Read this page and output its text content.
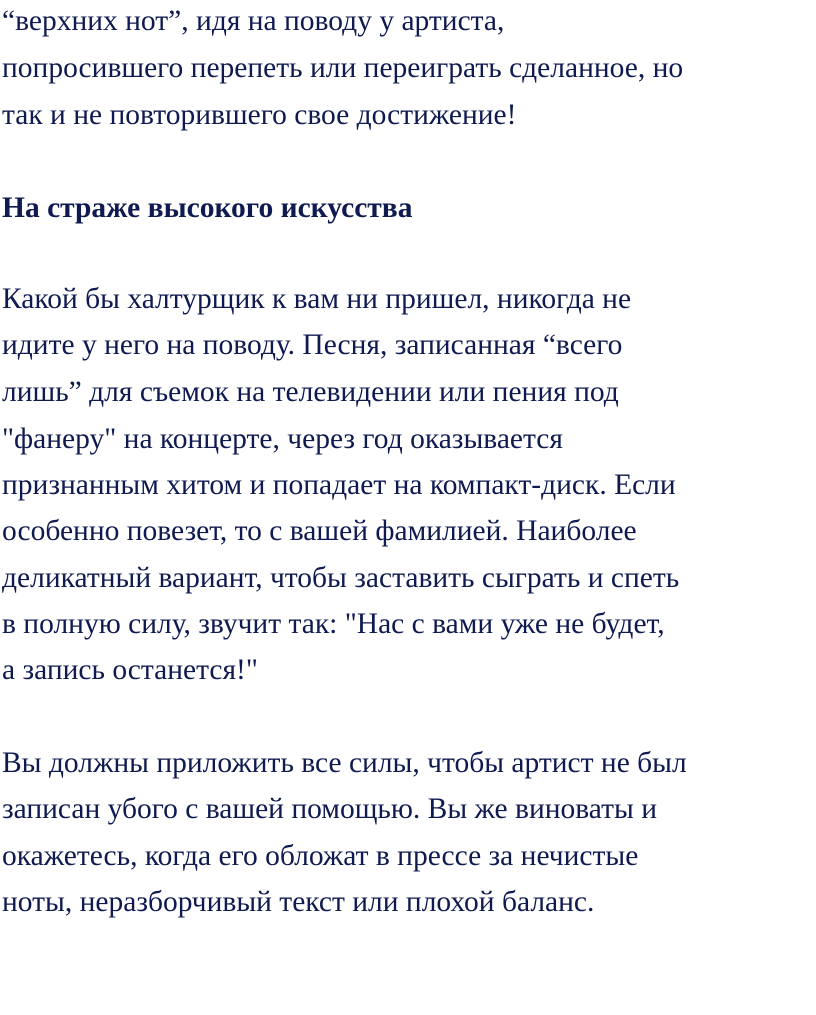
“верхних нот”, идя на поводу у артиста,
попросившего перепеть или переиграть сделанное, но
так и не повторившего свое достижение!
На страже высокого искусства
Какой бы халтурщик к вам ни пришел, никогда не
идите у него на поводу. Песня, записанная “всего
лишь” для съемок на телевидении или пения под
"фанеру" на концерте, через год оказывается
признанным хитом и попадает на компакт-диск. Если
особенно повезет, то с вашей фамилией. Наиболее
деликатный вариант, чтобы заставить сыграть и спеть
в полную силу, звучит так: "Нас с вами уже не будет,
а запись останется!"
Вы должны приложить все силы, чтобы артист не был
записан убого с вашей помощью. Вы же виноваты и
окажетесь, когда его обложат в прессе за нечистые
ноты, неразборчивый текст или плохой баланс.
